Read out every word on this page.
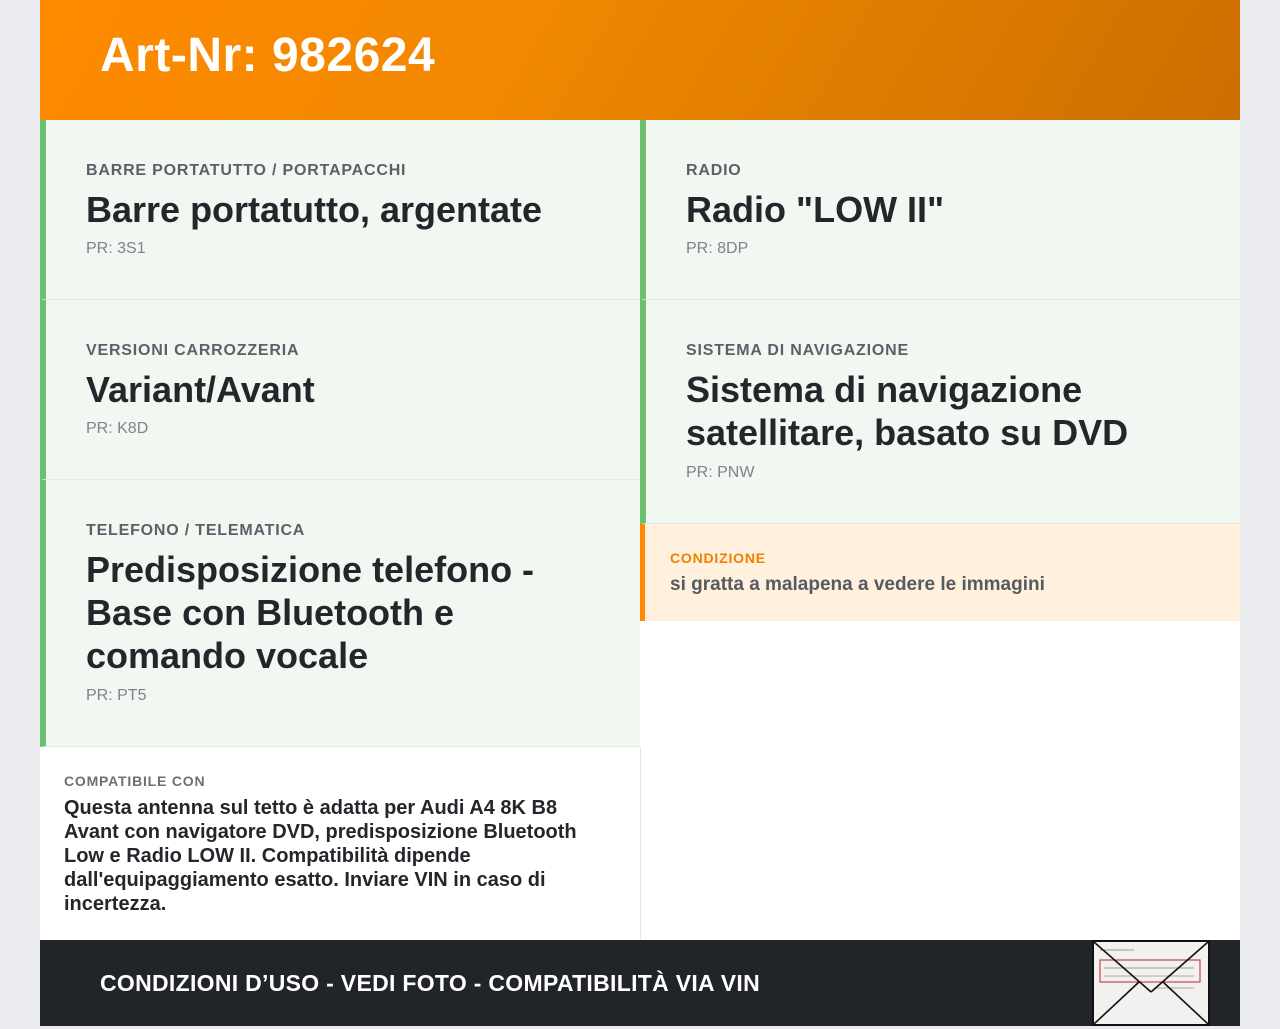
Art-Nr: 982624
BARRE PORTATUTTO / PORTAPACCHI
Barre portatutto, argentate
PR: 3S1
VERSIONI CARROZZERIA
Variant/Avant
PR: K8D
TELEFONO / TELEMATICA
Predisposizione telefono - Base con Bluetooth e comando vocale
PR: PT5
RADIO
Radio "LOW II"
PR: 8DP
SISTEMA DI NAVIGAZIONE
Sistema di navigazione satellitare, basato su DVD
PR: PNW
CONDIZIONE
si gratta a malapena a vedere le immagini
COMPATIBILE CON
Questa antenna sul tetto è adatta per Audi A4 8K B8 Avant con navigatore DVD, predisposizione Bluetooth Low e Radio LOW II. Compatibilità dipende dall'equipaggiamento esatto. Inviare VIN in caso di incertezza.
CONDIZIONI D’USO - VEDI FOTO - COMPATIBILITÀ VIA VIN
